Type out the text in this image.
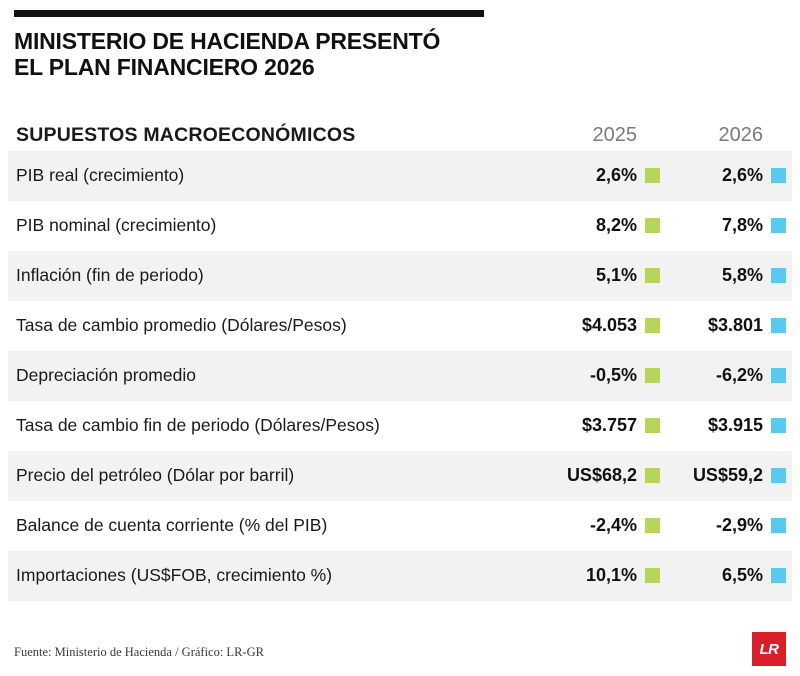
MINISTERIO DE HACIENDA PRESENTÓ
EL PLAN FINANCIERO 2026
SUPUESTOS MACROECONÓMICOS	2025	2026
PIB real (crecimiento)	2,6%	2,6%
PIB nominal (crecimiento)	8,2%	7,8%
Inflación (fin de periodo)	5,1%	5,8%
Tasa de cambio promedio (Dólares/Pesos)	$4.053	$3.801
Depreciación promedio	-0,5%	-6,2%
Tasa de cambio fin de periodo (Dólares/Pesos)	$3.757	$3.915
Precio del petróleo (Dólar por barril)	US$68,2	US$59,2
Balance de cuenta corriente (% del PIB)	-2,4%	-2,9%
Importaciones (US$FOB, crecimiento %)	10,1%	6,5%
Fuente: Ministerio de Hacienda / Gráfico: LR-GR	LR
